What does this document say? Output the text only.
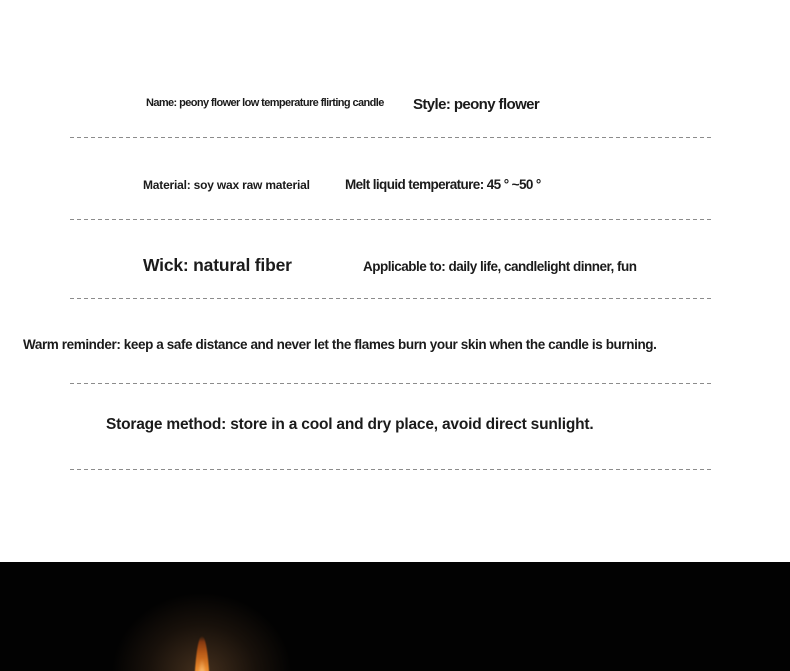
Name: peony flower low temperature flirting candle Style: peony flower
Material: soy wax raw material	Melt liquid temperature: 45 ° ~50 °
Wick: natural fiber	Applicable to: daily life, candlelight dinner, fun
Warm reminder: keep a safe distance and never let the flames burn your skin when the candle is burning.
Storage method: store in a cool and dry place, avoid direct sunlight.
